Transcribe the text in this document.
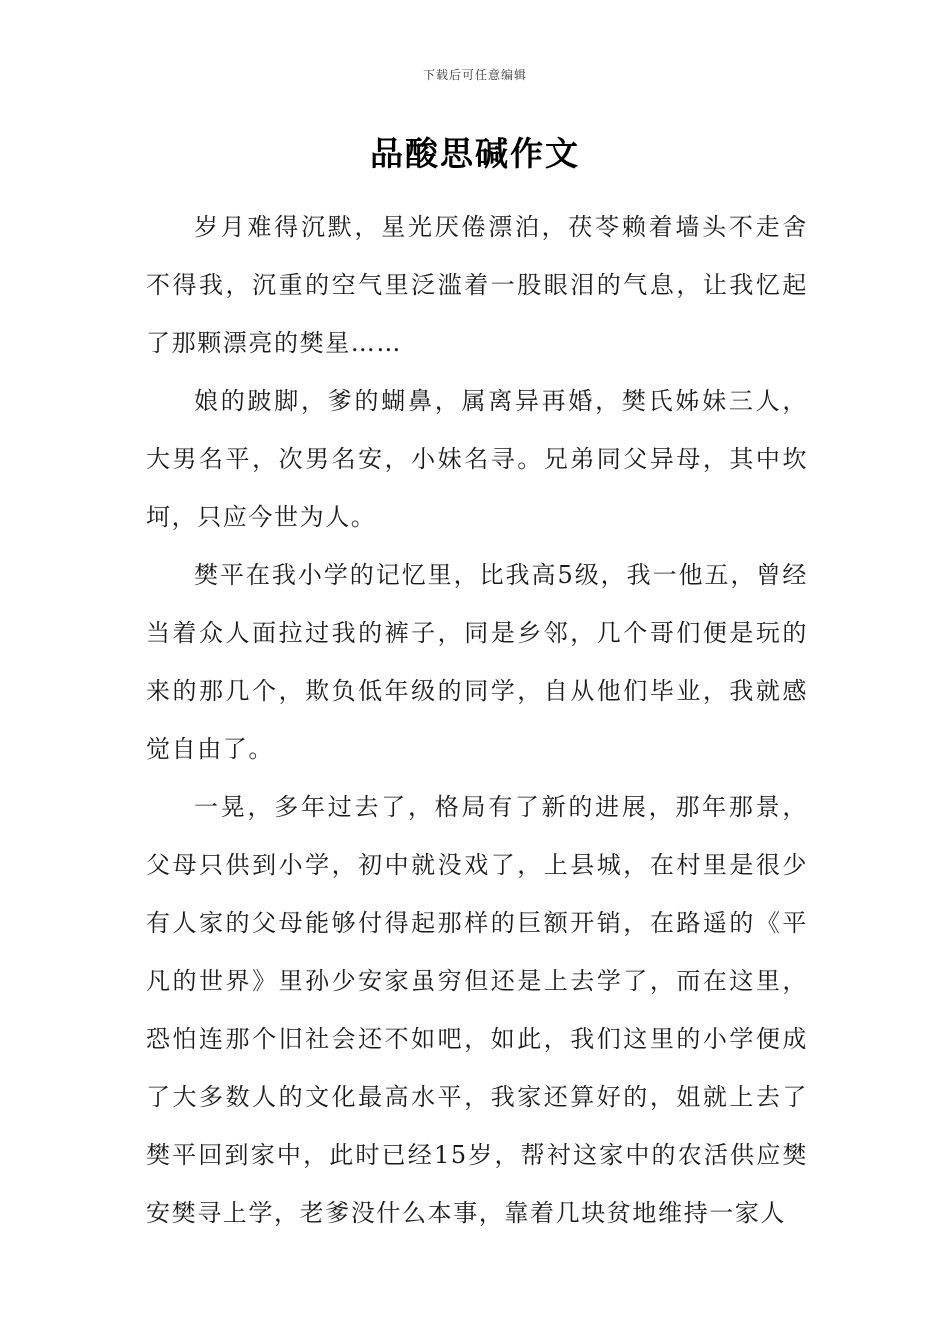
下载后可任意编辑
品酸思碱作文

岁月难得沉默，星光厌倦漂泊，茯苓赖着墙头不走舍不得我，沉重的空气里泛滥着一股眼泪的气息，让我忆起了那颗漂亮的樊星……

娘的跛脚，爹的蝴鼻，属离异再婚，樊氏姊妹三人，大男名平，次男名安，小妹名寻。兄弟同父异母，其中坎坷，只应今世为人。

樊平在我小学的记忆里，比我高5级，我一他五，曾经当着众人面拉过我的裤子，同是乡邻，几个哥们便是玩的来的那几个，欺负低年级的同学，自从他们毕业，我就感觉自由了。

一晃，多年过去了，格局有了新的进展，那年那景，父母只供到小学，初中就没戏了，上县城，在村里是很少有人家的父母能够付得起那样的巨额开销，在路遥的《平凡的世界》里孙少安家虽穷但还是上去学了，而在这里，恐怕连那个旧社会还不如吧，如此，我们这里的小学便成了大多数人的文化最高水平，我家还算好的，姐就上去了樊平回到家中，此时已经15岁，帮衬这家中的农活供应樊安樊寻上学，老爹没什么本事，靠着几块贫地维持一家人
